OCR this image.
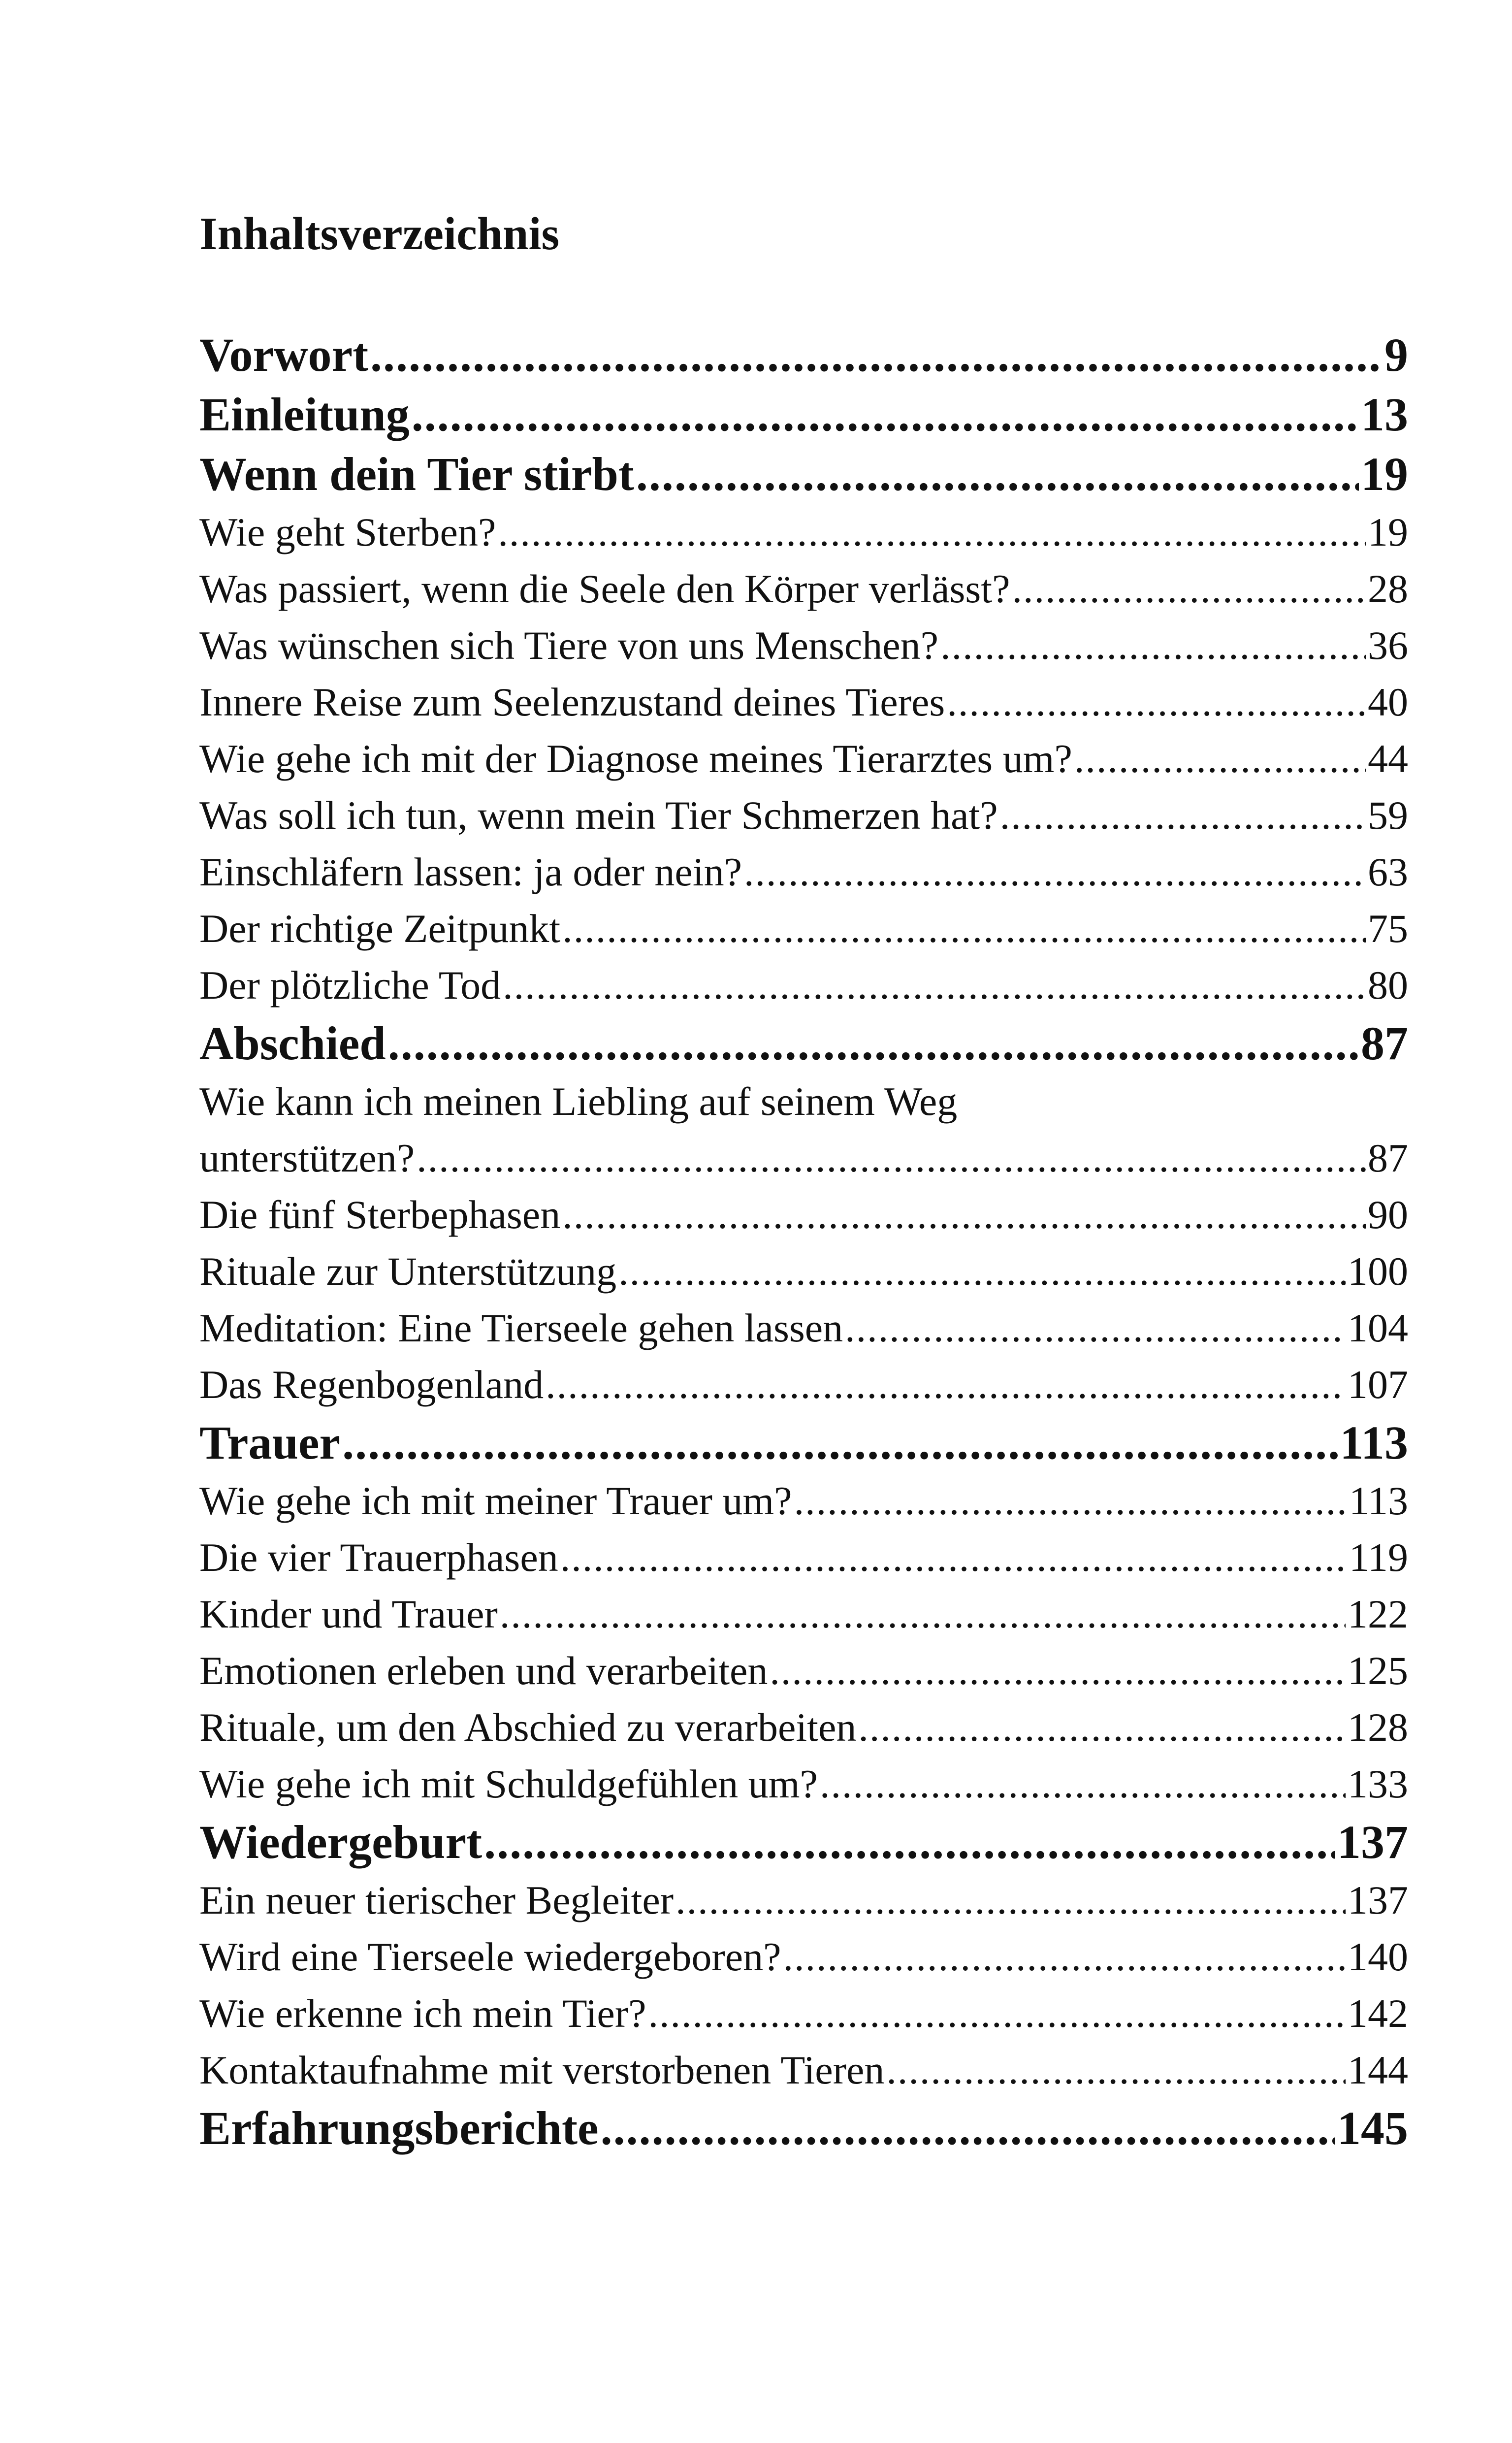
Inhaltsverzeichnis
Vorwort .....	9
Einleitung .....	13
Wenn dein Tier stirbt .....	19
Wie geht Sterben? .....	19
Was passiert, wenn die Seele den Körper verlässt? .....	28
Was wünschen sich Tiere von uns Menschen? .....	36
Innere Reise zum Seelenzustand deines Tieres .....	40
Wie gehe ich mit der Diagnose meines Tierarztes um? .....	44
Was soll ich tun, wenn mein Tier Schmerzen hat? .....	59
Einschläfern lassen: ja oder nein? .....	63
Der richtige Zeitpunkt .....	75
Der plötzliche Tod .....	80
Abschied .....	87
Wie kann ich meinen Liebling auf seinem Weg
unterstützen? .....	87
Die fünf Sterbephasen .....	90
Rituale zur Unterstützung .....	100
Meditation: Eine Tierseele gehen lassen .....	104
Das Regenbogenland .....	107
Trauer .....	113
Wie gehe ich mit meiner Trauer um? .....	113
Die vier Trauerphasen .....	119
Kinder und Trauer .....	122
Emotionen erleben und verarbeiten .....	125
Rituale, um den Abschied zu verarbeiten .....	128
Wie gehe ich mit Schuldgefühlen um? .....	133
Wiedergeburt .....	137
Ein neuer tierischer Begleiter .....	137
Wird eine Tierseele wiedergeboren? .....	140
Wie erkenne ich mein Tier? .....	142
Kontaktaufnahme mit verstorbenen Tieren .....	144
Erfahrungsberichte .....	145
